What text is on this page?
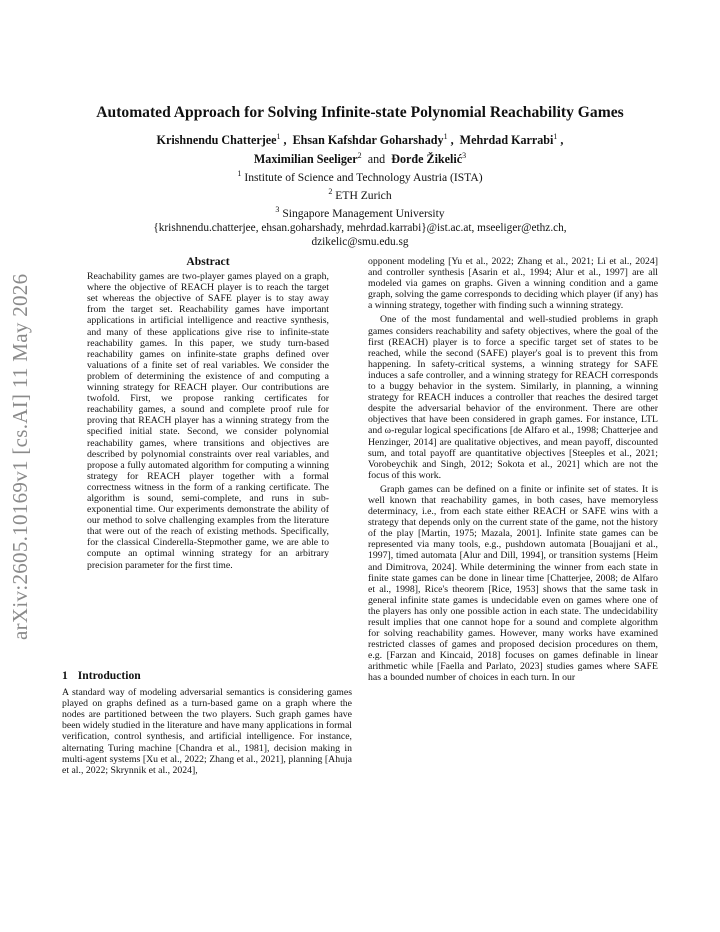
arXiv:2605.10169v1 [cs.AI] 11 May 2026
Automated Approach for Solving Infinite-state Polynomial Reachability Games
Krishnendu Chatterjee$^1$ ,  Ehsan Kafshdar Goharshady$^1$ ,  Mehrdad Karrabi$^1$ ,
Maximilian Seeliger$^2$ and Đorđe Žikelić$^3$
$^1$ Institute of Science and Technology Austria (ISTA)
$^2$ ETH Zurich
$^3$ Singapore Management University
{krishnendu.chatterjee, ehsan.goharshady, mehrdad.karrabi}@ist.ac.at, mseeliger@ethz.ch,
dzikelic@smu.edu.sg
Abstract

Reachability games are two-player games played on a graph, where the objective of REACH player is to reach the target set whereas the objective of SAFE player is to stay away from the target set. Reachability games have important applications in artificial intelligence and reactive synthesis, and many of these applications give rise to infinite-state reachability games. In this paper, we study turn-based reachability games on infinite-state graphs defined over valuations of a finite set of real variables. We consider the problem of determining the existence of and computing a winning strategy for REACH player. Our contributions are twofold. First, we propose ranking certificates for reachability games, a sound and complete proof rule for proving that REACH player has a winning strategy from the specified initial state. Second, we consider polynomial reachability games, where transitions and objectives are described by polynomial constraints over real variables, and propose a fully automated algorithm for computing a winning strategy for REACH player together with a formal correctness witness in the form of a ranking certificate. The algorithm is sound, semi-complete, and runs in sub-exponential time. Our experiments demonstrate the ability of our method to solve challenging examples from the literature that were out of the reach of existing methods. Specifically, for the classical Cinderella-Stepmother game, we are able to compute an optimal winning strategy for an arbitrary precision parameter for the first time.

1 Introduction

A standard way of modeling adversarial semantics is considering games played on graphs defined as a turn-based game on a graph where the nodes are partitioned between the two players. Such graph games have been widely studied in the literature and have many applications in formal verification, control synthesis, and artificial intelligence. For instance, alternating Turing machine [Chandra et al., 1981], decision making in multi-agent systems [Xu et al., 2022; Zhang et al., 2021], planning [Ahuja et al., 2022; Skrynnik et al., 2024],

opponent modeling [Yu et al., 2022; Zhang et al., 2021; Li et al., 2024] and controller synthesis [Asarin et al., 1994; Alur et al., 1997] are all modeled via games on graphs. Given a winning condition and a game graph, solving the game corresponds to deciding which player (if any) has a winning strategy, together with finding such a winning strategy.

One of the most fundamental and well-studied problems in graph games considers reachability and safety objectives, where the goal of the first (REACH) player is to force a specific target set of states to be reached, while the second (SAFE) player's goal is to prevent this from happening. In safety-critical systems, a winning strategy for SAFE induces a safe controller, and a winning strategy for REACH corresponds to a buggy behavior in the system. Similarly, in planning, a winning strategy for REACH induces a controller that reaches the desired target despite the adversarial behavior of the environment. There are other objectives that have been considered in graph games. For instance, LTL and ω-regular logical specifications [de Alfaro et al., 1998; Chatterjee and Henzinger, 2014] are qualitative objectives, and mean payoff, discounted sum, and total payoff are quantitative objectives [Steeples et al., 2021; Vorobeychik and Singh, 2012; Sokota et al., 2021] which are not the focus of this work.

Graph games can be defined on a finite or infinite set of states. It is well known that reachability games, in both cases, have memoryless determinacy, i.e., from each state either REACH or SAFE wins with a strategy that depends only on the current state of the game, not the history of the play [Martin, 1975; Mazala, 2001]. Infinite state games can be represented via many tools, e.g., pushdown automata [Bouajjani et al., 1997], timed automata [Alur and Dill, 1994], or transition systems [Heim and Dimitrova, 2024]. While determining the winner from each state in finite state games can be done in linear time [Chatterjee, 2008; de Alfaro et al., 1998], Rice's theorem [Rice, 1953] shows that the same task in general infinite state games is undecidable even on games where one of the players has only one possible action in each state. The undecidability result implies that one cannot hope for a sound and complete algorithm for solving reachability games. However, many works have examined restricted classes of games and proposed decision procedures on them, e.g. [Farzan and Kincaid, 2018] focuses on games definable in linear arithmetic while [Faella and Parlato, 2023] studies games where SAFE has a bounded number of choices in each turn. In our
